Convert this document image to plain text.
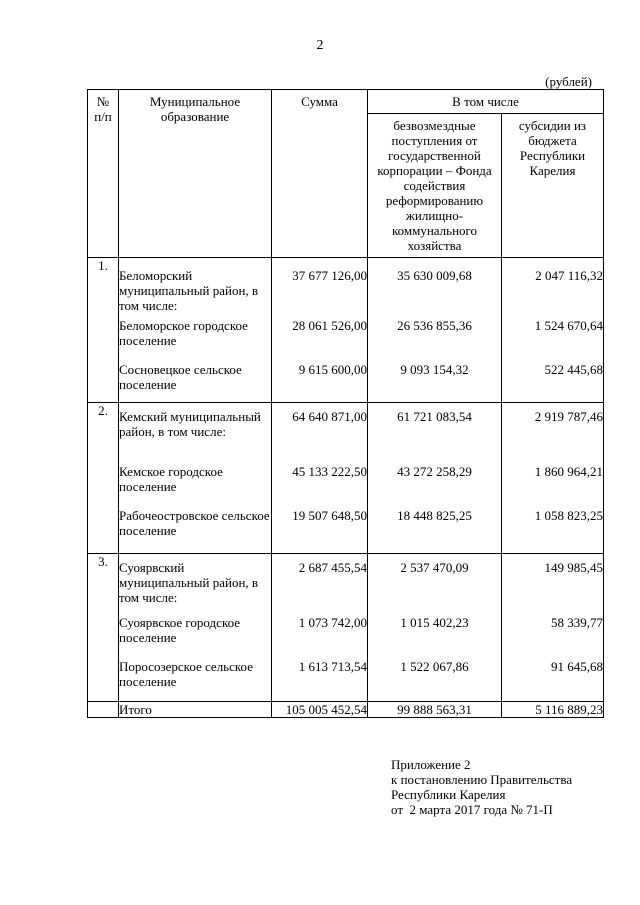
2
(рублей)
№ п/п	Муниципальное образование	Сумма	В том числе	
			безвозмездные поступления от государственной корпорации – Фонда содействия реформированию жилищно-коммунального хозяйства	субсидии из бюджета Республики Карелия
1.	Беломорский муниципальный район, в том числе:	37 677 126,00	35 630 009,68	2 047 116,32
	Беломорское городское поселение	28 061 526,00	26 536 855,36	1 524 670,64
	Сосновецкое сельское поселение	9 615 600,00	9 093 154,32	522 445,68
2.	Кемский муниципальный район, в том числе:	64 640 871,00	61 721 083,54	2 919 787,46
	Кемское городское поселение	45 133 222,50	43 272 258,29	1 860 964,21
	Рабочеостровское сельское поселение	19 507 648,50	18 448 825,25	1 058 823,25
3.	Суоярвский муниципальный район, в том числе:	2 687 455,54	2 537 470,09	149 985,45
	Суоярвское городское поселение	1 073 742,00	1 015 402,23	58 339,77
	Поросозерское сельское поселение	1 613 713,54	1 522 067,86	91 645,68
	Итого	105 005 452,54	99 888 563,31	5 116 889,23
Приложение 2
к постановлению Правительства
Республики Карелия
от  2 марта 2017 года № 71-П
